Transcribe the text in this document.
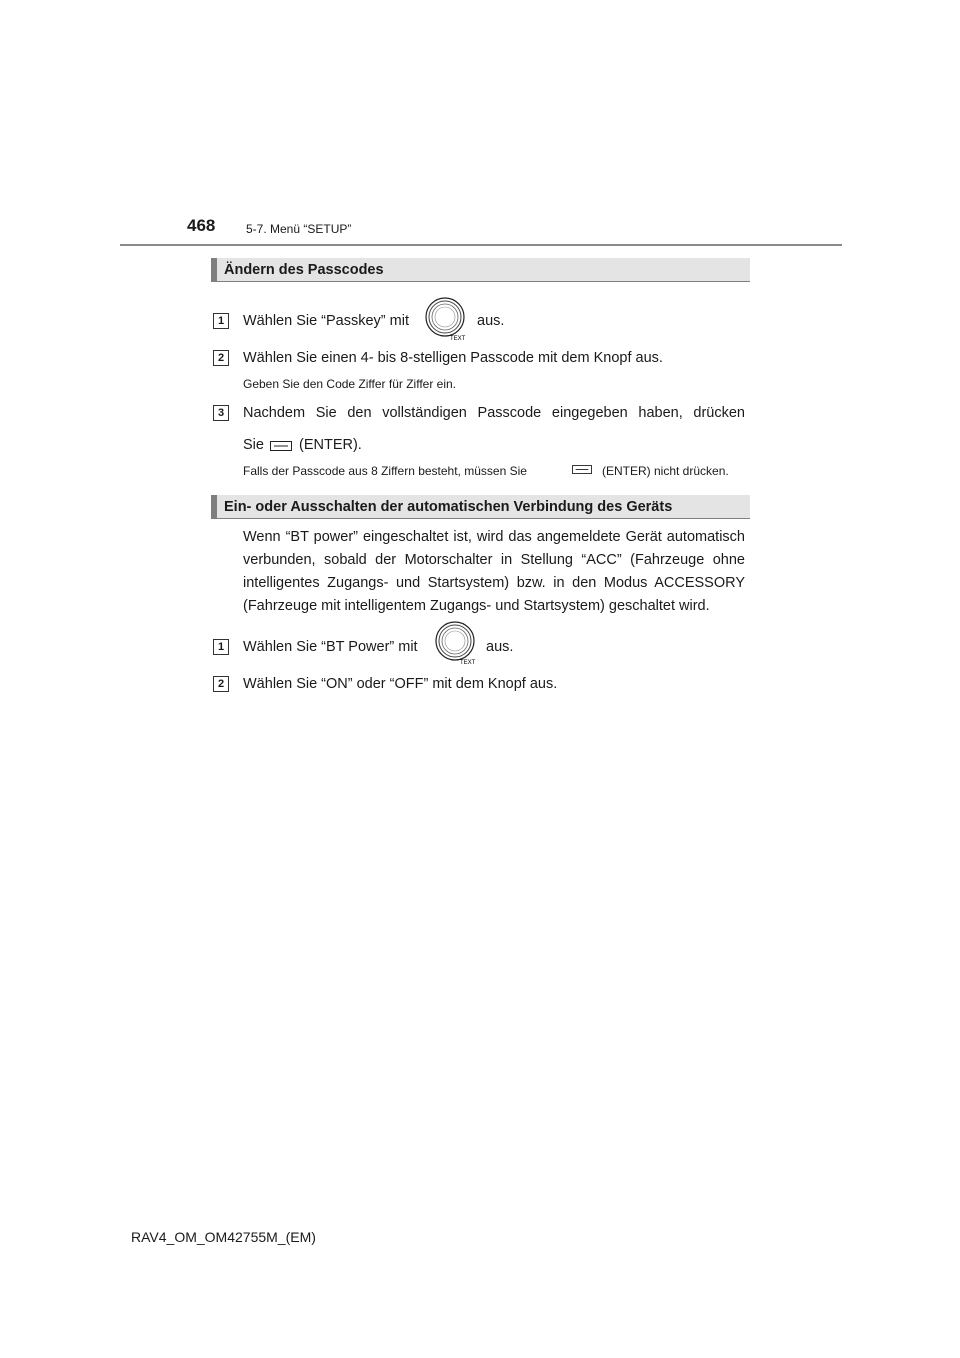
468	5-7. Menü “SETUP”
Ändern des Passcodes
1	Wählen Sie “Passkey” mit
TEXT
aus.
2	Wählen Sie einen 4- bis 8-stelligen Passcode mit dem Knopf aus.
Geben Sie den Code Ziffer für Ziffer ein.
3	Nachdem Sie den vollständigen Passcode eingegeben haben, drücken
Sie (ENTER).
Falls der Passcode aus 8 Ziffern besteht, müssen Sie	(ENTER) nicht drücken.
Ein- oder Ausschalten der automatischen Verbindung des Geräts
Wenn “BT power” eingeschaltet ist, wird das angemeldete Gerät automatisch verbunden, sobald der Motorschalter in Stellung “ACC” (Fahrzeuge ohne intelligentes Zugangs- und Startsystem) bzw. in den Modus ACCESSORY (Fahrzeuge mit intelligentem Zugangs- und Startsystem) geschaltet wird.
1	Wählen Sie “BT Power” mit
TEXT
aus.
2	Wählen Sie “ON” oder “OFF” mit dem Knopf aus.
RAV4_OM_OM42755M_(EM)
